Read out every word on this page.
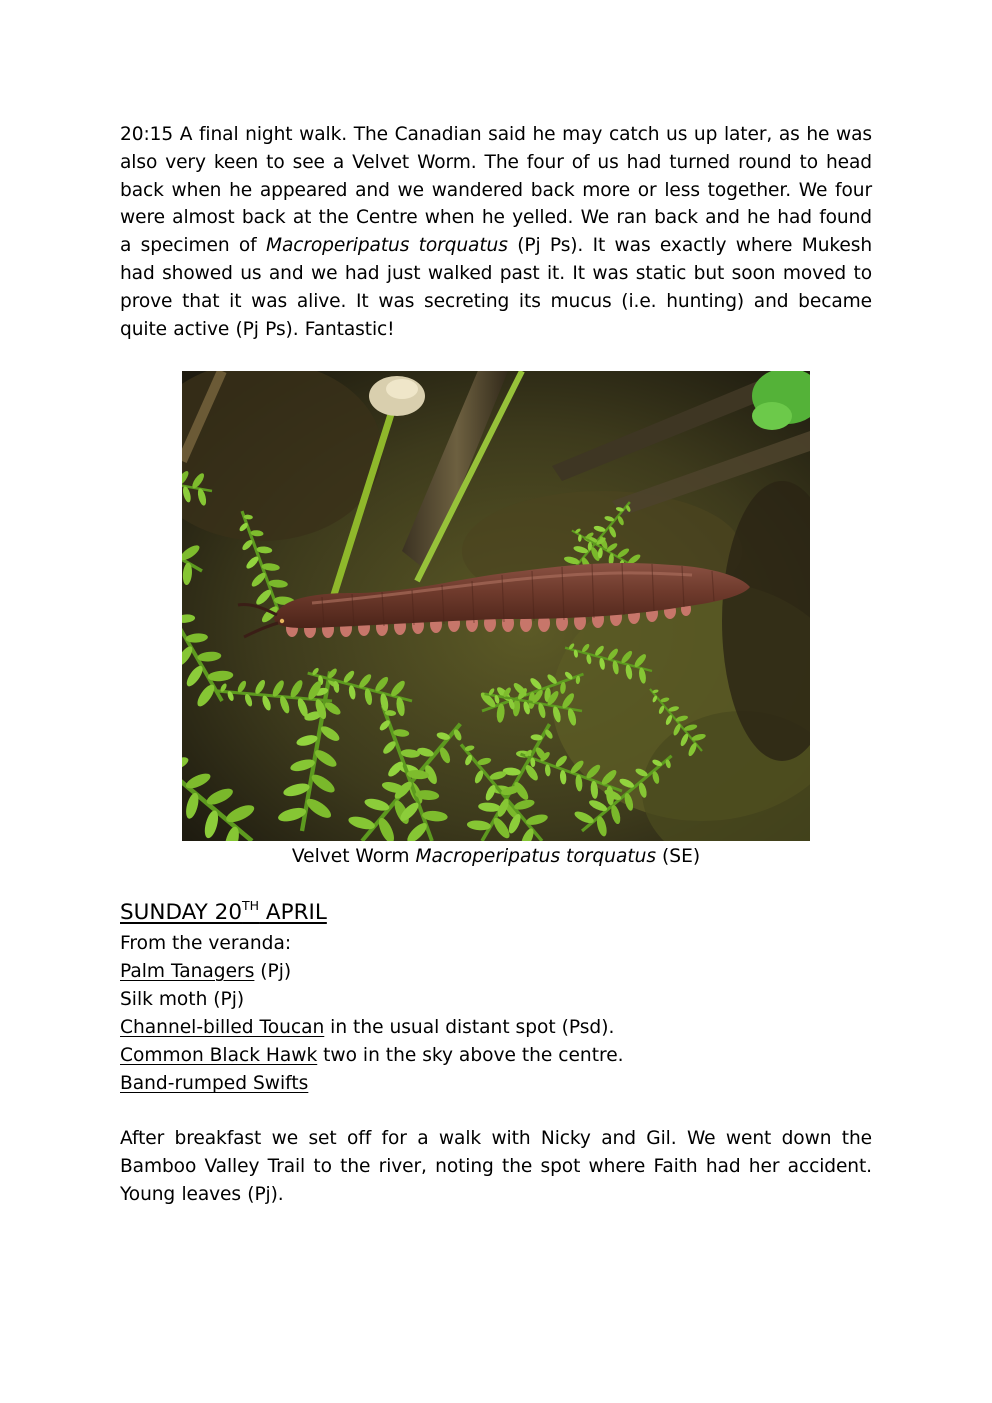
20:15 A final night walk. The Canadian said he may catch us up later, as he was also very keen to see a Velvet Worm. The four of us had turned round to head back when he appeared and we wandered back more or less together. We four were almost back at the Centre when he yelled. We ran back and he had found a specimen of Macroperipatus torquatus (Pj Ps). It was exactly where Mukesh had showed us and we had just walked past it. It was static but soon moved to prove that it was alive. It was secreting its mucus (i.e. hunting) and became quite active (Pj Ps). Fantastic!

Velvet Worm Macroperipatus torquatus (SE)
SUNDAY 20TH APRIL
From the veranda:
Palm Tanagers (Pj)
Silk moth (Pj)
Channel-billed Toucan in the usual distant spot (Psd).
Common Black Hawk two in the sky above the centre.
Band-rumped Swifts

After breakfast we set off for a walk with Nicky and Gil. We went down the Bamboo Valley Trail to the river, noting the spot where Faith had her accident. Young leaves (Pj).
